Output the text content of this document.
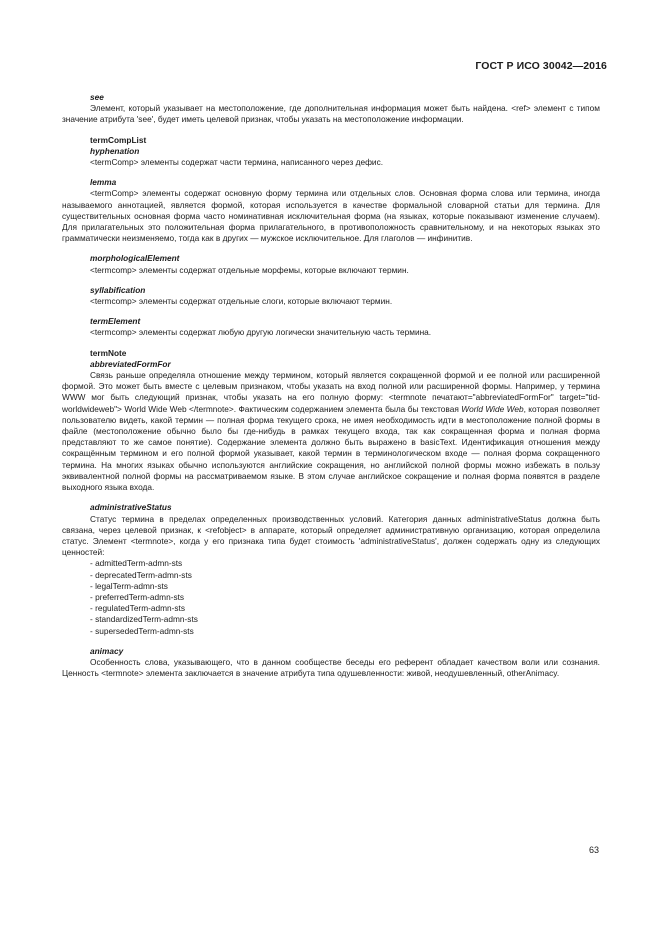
ГОСТ Р ИСО 30042—2016
see

Элемент, который указывает на местоположение, где дополнительная информация может быть найдена. <ref> элемент с типом значение атрибута 'see', будет иметь целевой признак, чтобы указать на местоположение информации.

termCompList
hyphenation

<termComp> элементы содержат части термина, написанного через дефис.

lemma

<termComp> элементы содержат основную форму термина или отдельных слов. Основная форма слова или термина, иногда называемого аннотацией, является формой, которая используется в качестве формальной словарной статьи для термина. Для существительных основная форма часто номинативная исключительная форма (на языках, которые показывают изменение случаем). Для прилагательных это положительная форма прилагательного, в противоположность сравнительному, и на некоторых языках это грамматически неизменяемо, тогда как в других — мужское исключительное. Для глаголов — инфинитив.

morphologicalElement

<termcomp> элементы содержат отдельные морфемы, которые включают термин.

syllabification

<termcomp> элементы содержат отдельные слоги, которые включают термин.

termElement

<termcomp> элементы содержат любую другую логически значительную часть термина.

termNote
abbreviatedFormFor

Связь раньше определяла отношение между термином, который является сокращенной формой и ее полной или расширенной формой. Это может быть вместе с целевым признаком, чтобы указать на вход полной или расширенной формы. Например, у термина WWW мог быть следующий признак, чтобы указать на его полную форму: <termnote печатают="abbreviatedFormFor" target="tid-worldwideweb"> World Wide Web </termnote>. Фактическим содержанием элемента была бы текстовая World Wide Web, которая позволяет пользователю видеть, какой термин — полная форма текущего срока, не имея необходимость идти в местоположение полной формы в файле (местоположение обычно было бы где-нибудь в рамках текущего входа, так как сокращенная форма и полная форма представляют то же самое понятие). Содержание элемента должно быть выражено в basicText. Идентификация отношения между сокращённым термином и его полной формой указывает, какой термин в терминологическом входе — полная форма сокращенного термина. На многих языках обычно используются английские сокращения, но английской полной формы можно избежать в пользу эквивалентной полной формы на рассматриваемом языке. В этом случае английское сокращение и полная форма появятся в разделе выходного языка входа.

administrativeStatus

Статус термина в пределах определенных производственных условий. Категория данных administrativeStatus должна быть связана, через целевой признак, к <refobject> в аппарате, который определяет административную организацию, которая определила статус. Элемент <termnote>, когда у его признака типа будет стоимость 'administrativeStatus', должен содержать одну из следующих ценностей:

- admittedTerm-admn-sts
- deprecatedTerm-admn-sts
- legalTerm-admn-sts
- preferredTerm-admn-sts
- regulatedTerm-admn-sts
- standardizedTerm-admn-sts
- supersededTerm-admn-sts
animacy

Особенность слова, указывающего, что в данном сообществе беседы его референт обладает качеством воли или сознания. Ценность <termnote> элемента заключается в значение атрибута типа одушевленности: живой, неодушевленный, otherAnimacy.

63
